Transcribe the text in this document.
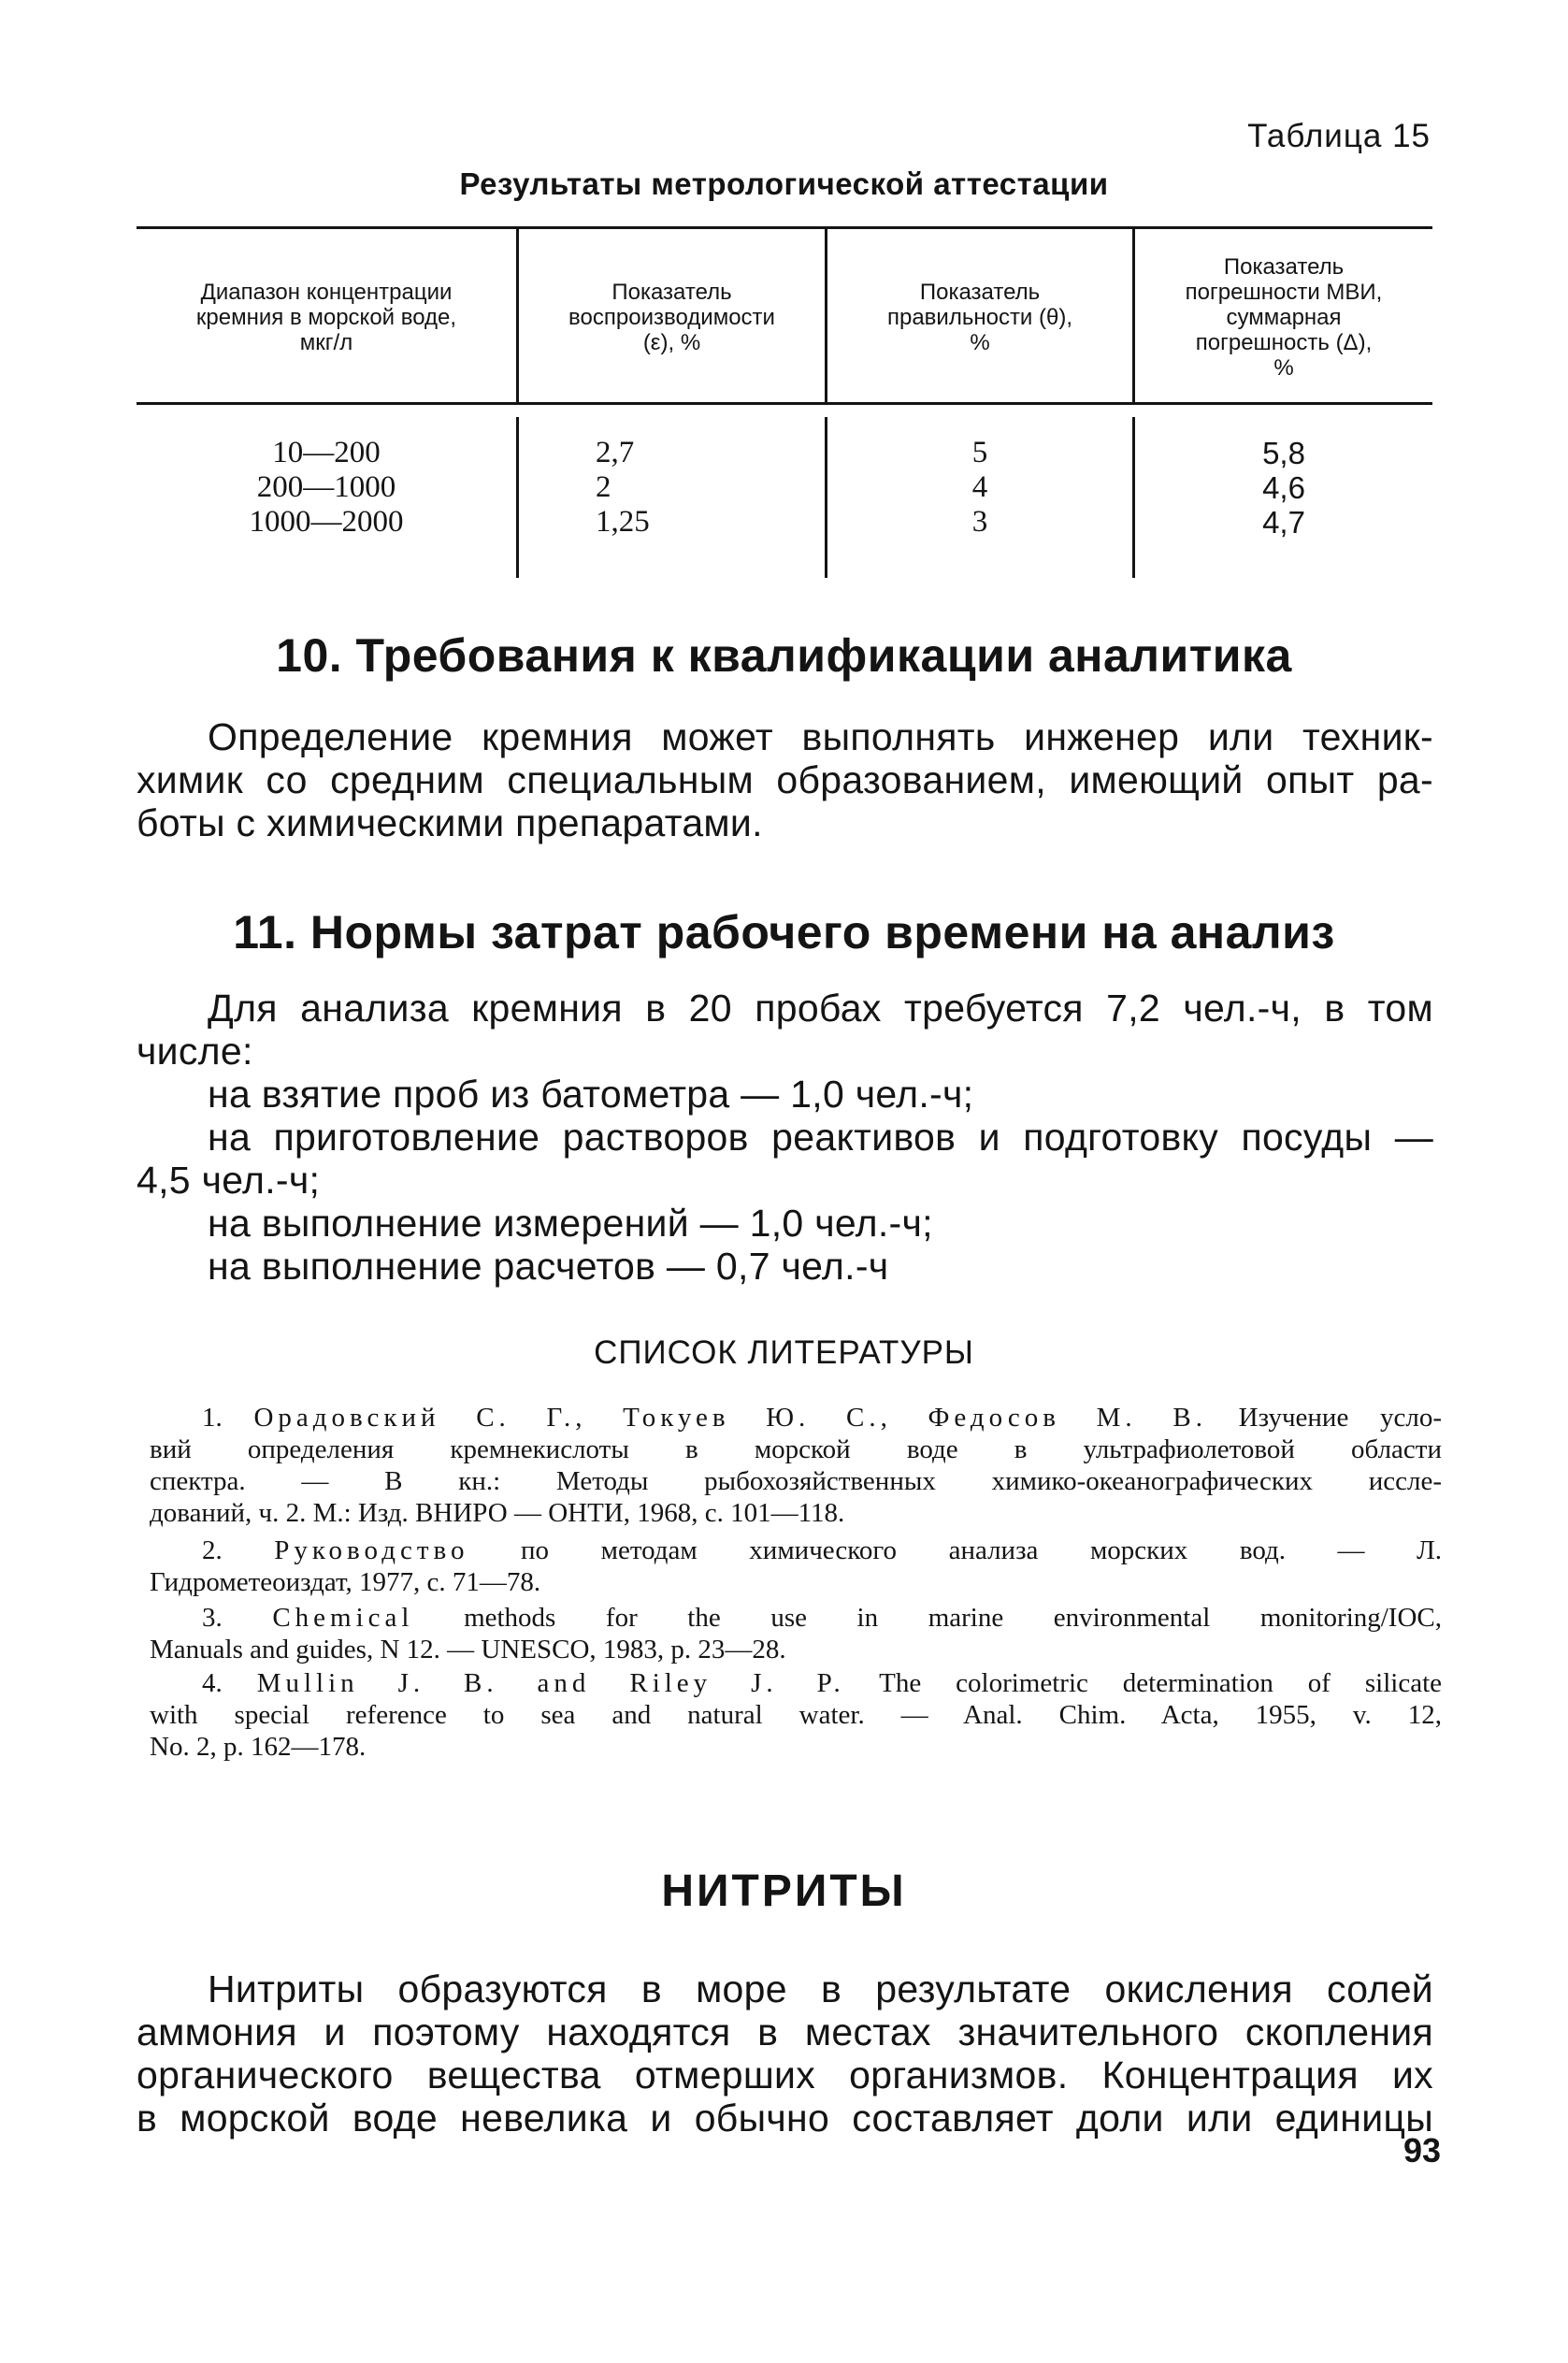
Таблица 15
Результаты метрологической аттестации
Диапазон концентрации
кремния в морской воде,
мкг/л
Показатель
воспроизводимости
(ε), %
Показатель
правильности (θ),
%
Показатель
погрешности МВИ,
суммарная
погрешность (Δ),
%
10—200
200—1000
1000—2000
2,7
2
1,25
5
4
3
5,8
4,6
4,7
10. Требования к квалификации аналитика
Определение кремния может выполнять инженер или техник-
химик со средним специальным образованием, имеющий опыт ра-
боты с химическими препаратами.
11. Нормы затрат рабочего времени на анализ
Для анализа кремния в 20 пробах требуется 7,2 чел.-ч, в том
числе:
на взятие проб из батометра — 1,0 чел.-ч;
на приготовление растворов реактивов и подготовку посуды —
4,5 чел.-ч;
на выполнение измерений — 1,0 чел.-ч;
на выполнение расчетов — 0,7 чел.-ч
СПИСОК ЛИТЕРАТУРЫ
1. Орадовский С. Г., Токуев Ю. С., Федосов М. В. Изучение усло-
вий определения кремнекислоты в морской воде в ультрафиолетовой области
спектра. — В кн.: Методы рыбохозяйственных химико-океанографических иссле-
дований, ч. 2. М.: Изд. ВНИРО — ОНТИ, 1968, с. 101—118.
2. Руководство по методам химического анализа морских вод. — Л.
Гидрометеоиздат, 1977, с. 71—78.
3. Chemical methods for the use in marine environmental monitoring/IOC,
Manuals and guides, N 12. — UNESCO, 1983, p. 23—28.
4. Mullin J. B. and Riley J. P. The colorimetric determination of silicate
with special reference to sea and natural water. — Anal. Chim. Acta, 1955, v. 12,
No. 2, p. 162—178.
НИТРИТЫ
Нитриты образуются в море в результате окисления солей
аммония и поэтому находятся в местах значительного скопления
органического вещества отмерших организмов. Концентрация их
в морской воде невелика и обычно составляет доли или единицы
93
